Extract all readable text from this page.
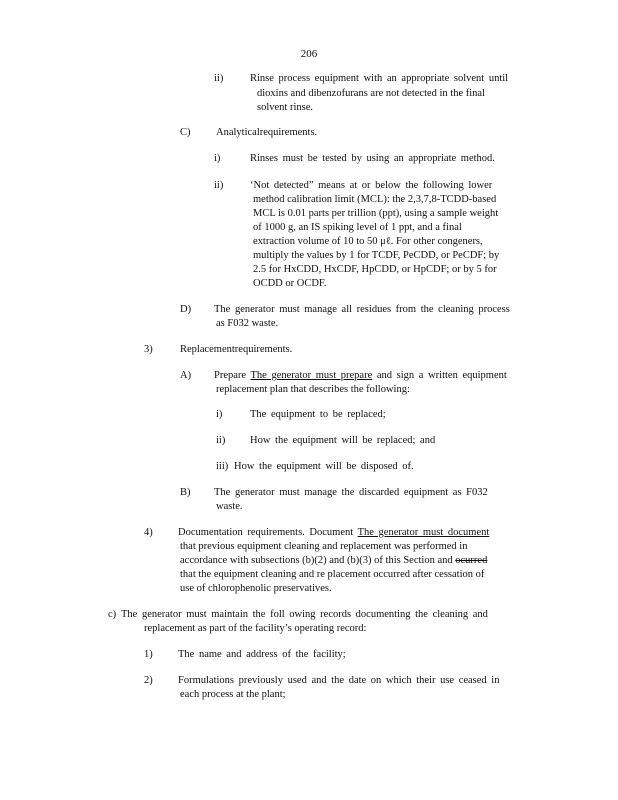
206
ii)	Rinse process equipment with an appropriate solvent until
dioxins and dibenzofurans are not detected in the final
solvent rinse.
C) Analyticalrequirements.
i)	Rinses must be tested by using an appropriate method.
ii)	‘Not detected” means at or below the following lower
method calibration limit (MCL): the 2,3,7,8-TCDD-based
MCL is 0.01 parts per trillion (ppt), using a sample weight
of 1000 g, an IS spiking level of 1 ppt, and a final
extraction volume of 10 to 50 μℓ. For other congeners,
multiply the values by 1 for TCDF, PeCDD, or PeCDF; by
2.5 for HxCDD, HxCDF, HpCDD, or HpCDF; or by 5 for
OCDD or OCDF.
D) The generator must manage all residues from the cleaning process
as F032 waste.
3)	Replacementrequirements.
A) Prepare The generator must prepare and sign a written equipment
replacement plan that describes the following:
i)	The equipment to be replaced;
ii) How the equipment will be replaced; and
iii) How the equipment will be disposed of.
B) The generator must manage the discarded equipment as F032
waste.
4) Documentation requirements. Document The generator must document
that previous equipment cleaning and replacement was performed in
accordance with subsections (b)(2) and (b)(3) of this Section and ocurred
that the equipment cleaning and re placement occurred after cessation of
use of chlorophenolic preservatives.
c) The generator must maintain the foll owing records documenting the cleaning and
replacement as part of the facility’s operating record:
1) The name and address of the facility;
2) Formulations previously used and the date on which their use ceased in
each process at the plant;
